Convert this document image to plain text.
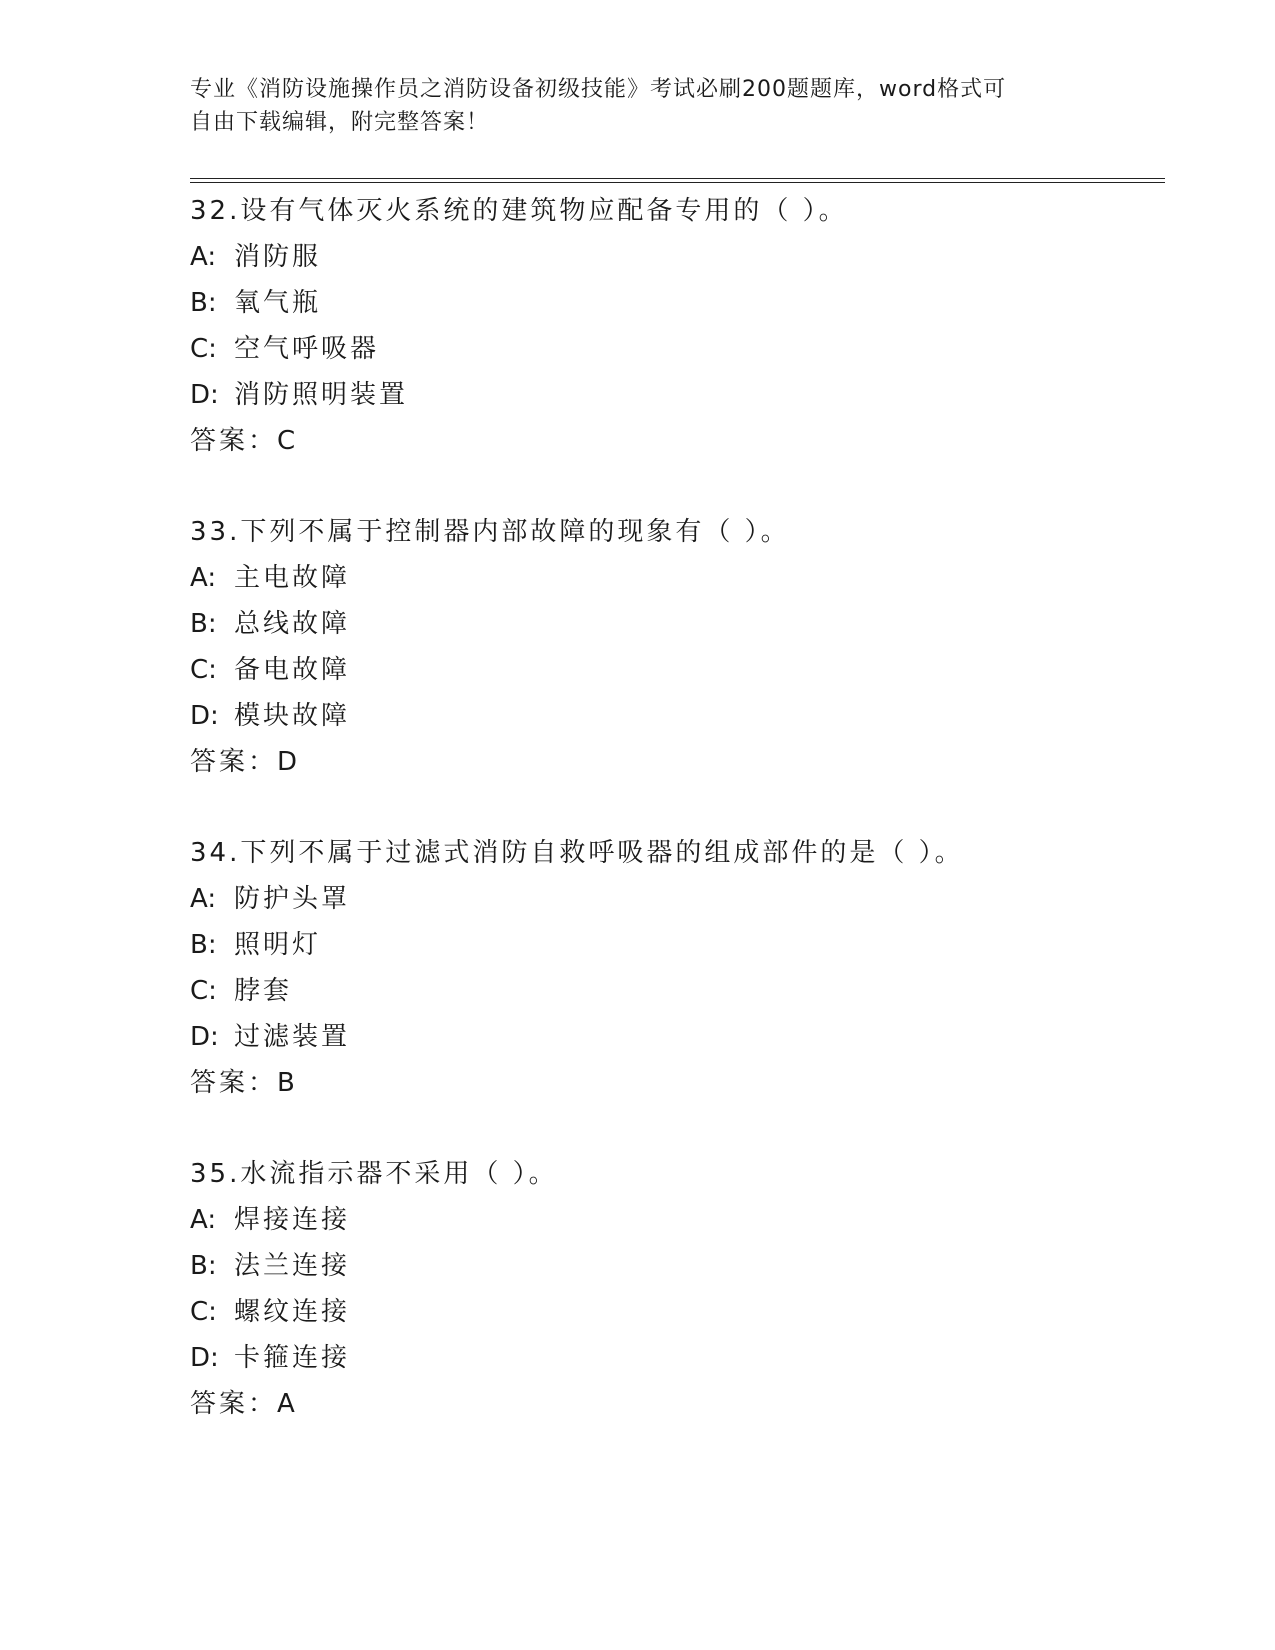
专业《消防设施操作员之消防设备初级技能》考试必刷200题题库，word格式可
自由下载编辑，附完整答案！
32.设有气体灭火系统的建筑物应配备专用的（ ）。
A: 消防服
B: 氧气瓶
C: 空气呼吸器
D: 消防照明装置
答案：C
33.下列不属于控制器内部故障的现象有（ ）。
A: 主电故障
B: 总线故障
C: 备电故障
D: 模块故障
答案：D
34.下列不属于过滤式消防自救呼吸器的组成部件的是（ ）。
A: 防护头罩
B: 照明灯
C: 脖套
D: 过滤装置
答案：B
35.水流指示器不采用（ ）。
A: 焊接连接
B: 法兰连接
C: 螺纹连接
D: 卡箍连接
答案：A
